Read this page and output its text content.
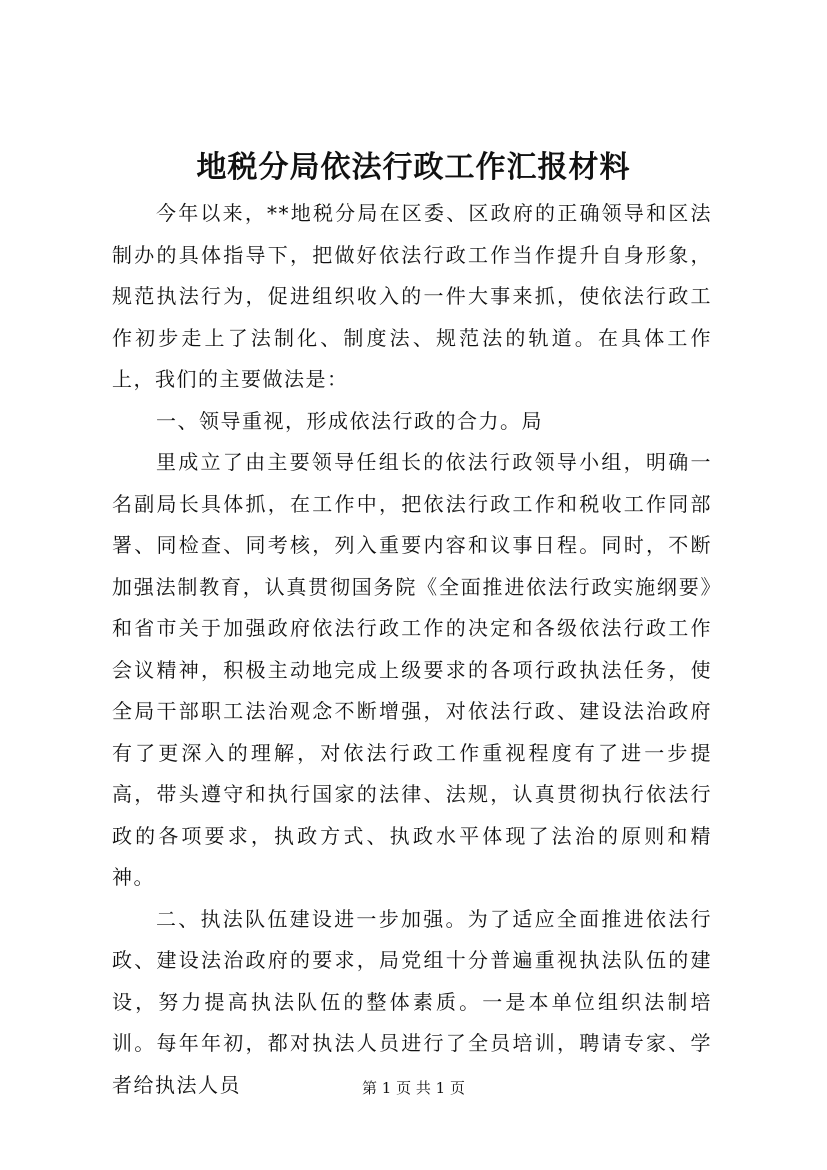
地税分局依法行政工作汇报材料

今年以来，**地税分局在区委、区政府的正确领导和区法制办的具体指导下，把做好依法行政工作当作提升自身形象，规范执法行为，促进组织收入的一件大事来抓，使依法行政工作初步走上了法制化、制度法、规范法的轨道。在具体工作上，我们的主要做法是：

一、领导重视，形成依法行政的合力。局

里成立了由主要领导任组长的依法行政领导小组，明确一名副局长具体抓，在工作中，把依法行政工作和税收工作同部署、同检查、同考核，列入重要内容和议事日程。同时，不断加强法制教育，认真贯彻国务院《全面推进依法行政实施纲要》和省市关于加强政府依法行政工作的决定和各级依法行政工作会议精神，积极主动地完成上级要求的各项行政执法任务，使全局干部职工法治观念不断增强，对依法行政、建设法治政府有了更深入的理解，对依法行政工作重视程度有了进一步提高，带头遵守和执行国家的法律、法规，认真贯彻执行依法行政的各项要求，执政方式、执政水平体现了法治的原则和精神。

二、执法队伍建设进一步加强。为了适应全面推进依法行政、建设法治政府的要求，局党组十分普遍重视执法队伍的建设，努力提高执法队伍的整体素质。一是本单位组织法制培训。每年年初，都对执法人员进行了全员培训，聘请专家、学者给执法人员	第 1 页 共 1 页
